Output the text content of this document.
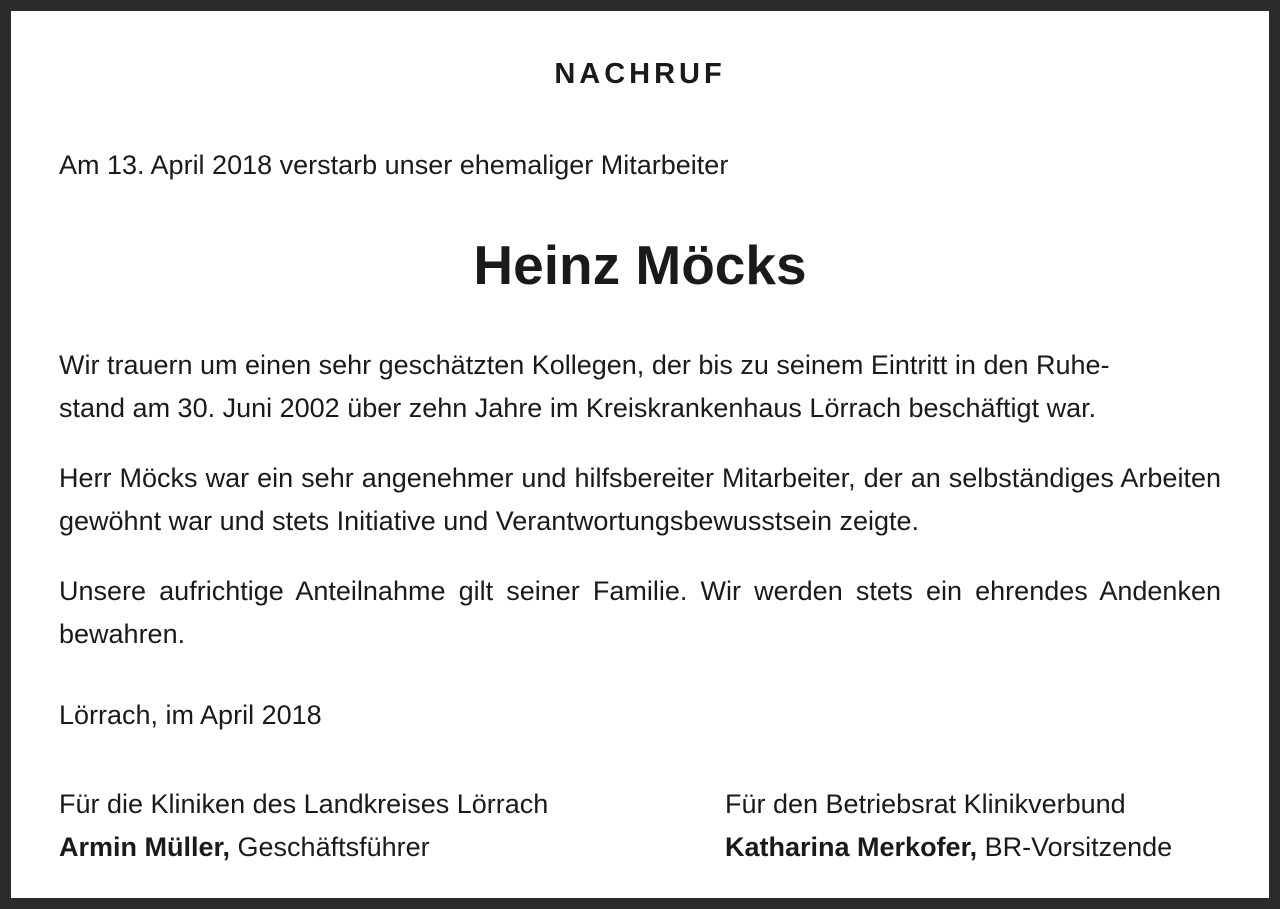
NACHRUF
Am 13. April 2018 verstarb unser ehemaliger Mitarbeiter
Heinz Möcks
Wir trauern um einen sehr geschätzten Kollegen, der bis zu seinem Eintritt in den Ruhe-
stand am 30. Juni 2002 über zehn Jahre im Kreiskrankenhaus Lörrach beschäftigt war.
Herr Möcks war ein sehr angenehmer und hilfsbereiter Mitarbeiter, der an selbständiges Arbeiten gewöhnt war und stets Initiative und Verantwortungsbewusstsein zeigte.
Unsere aufrichtige Anteilnahme gilt seiner Familie. Wir werden stets ein ehrendes Andenken bewahren.
Lörrach, im April 2018
Für die Kliniken des Landkreises Lörrach
Armin Müller, Geschäftsführer
Für den Betriebsrat Klinikverbund
Katharina Merkofer, BR-Vorsitzende
